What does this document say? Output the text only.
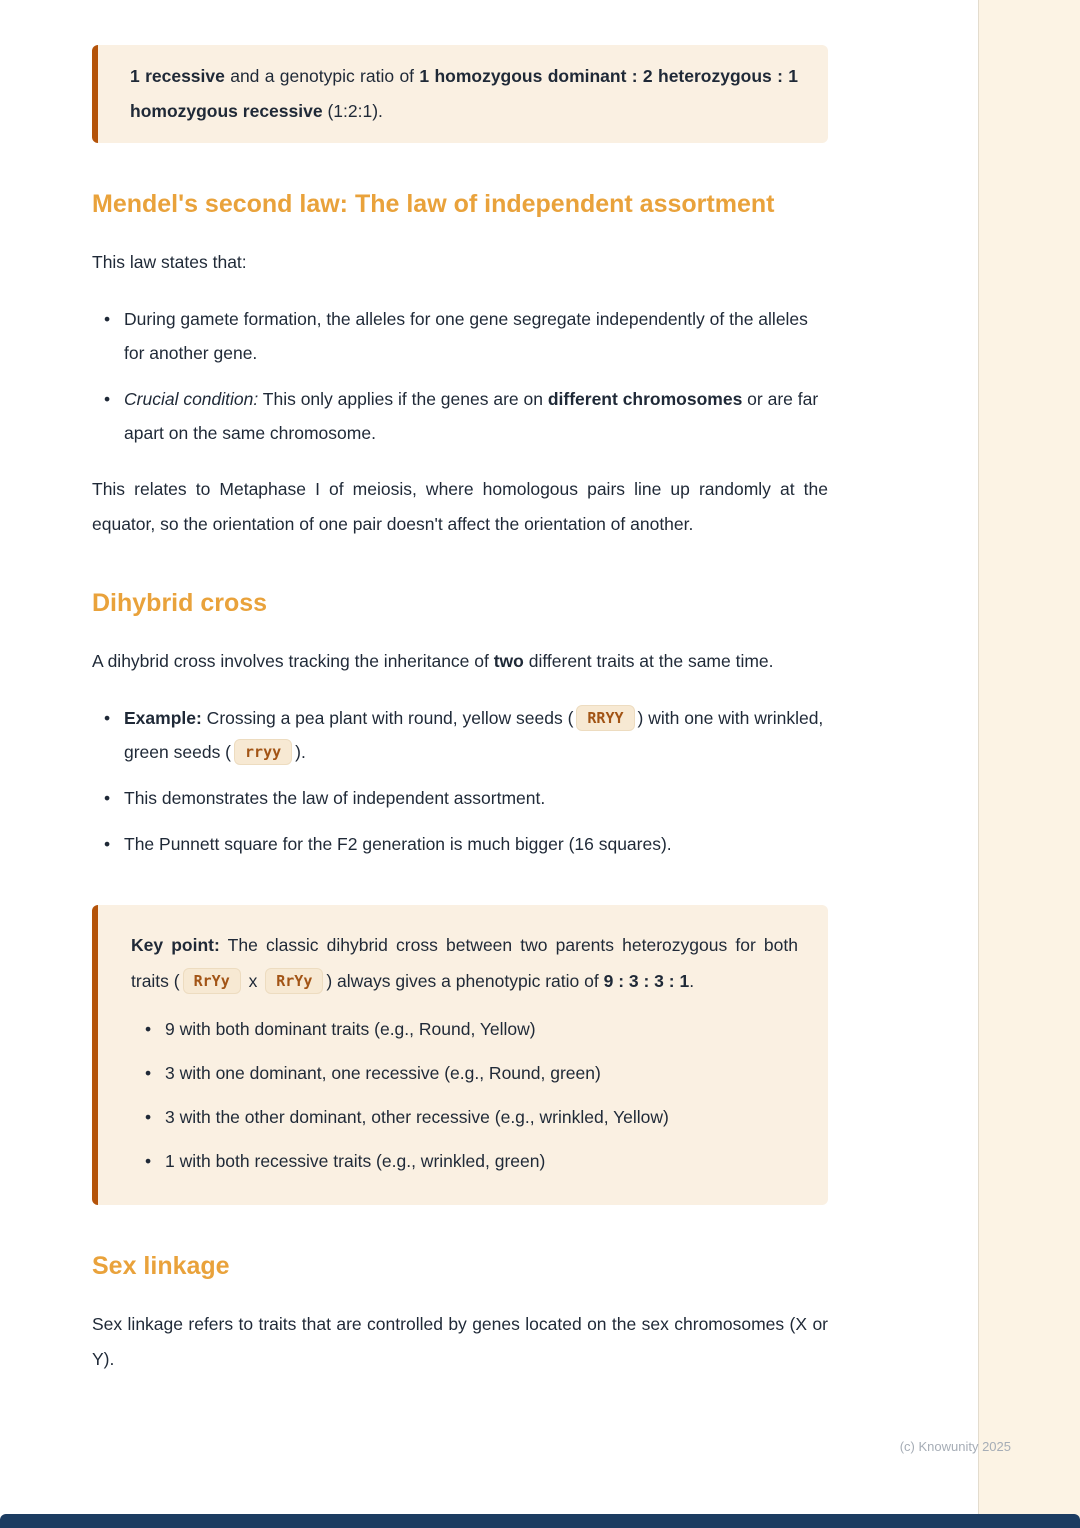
1 recessive and a genotypic ratio of 1 homozygous dominant : 2 heterozygous : 1 homozygous recessive (1:2:1).

Mendel's second law: The law of independent assortment

This law states that:

• During gamete formation, the alleles for one gene segregate independently of the alleles for another gene.
• Crucial condition: This only applies if the genes are on different chromosomes or are far apart on the same chromosome.

This relates to Metaphase I of meiosis, where homologous pairs line up randomly at the equator, so the orientation of one pair doesn't affect the orientation of another.

Dihybrid cross

A dihybrid cross involves tracking the inheritance of two different traits at the same time.

• Example: Crossing a pea plant with round, yellow seeds ( RRYY ) with one with wrinkled, green seeds ( rryy ).
• This demonstrates the law of independent assortment.
• The Punnett square for the F2 generation is much bigger (16 squares).

Key point: The classic dihybrid cross between two parents heterozygous for both traits ( RrYy x RrYy ) always gives a phenotypic ratio of 9 : 3 : 3 : 1.

• 9 with both dominant traits (e.g., Round, Yellow)
• 3 with one dominant, one recessive (e.g., Round, green)
• 3 with the other dominant, other recessive (e.g., wrinkled, Yellow)
• 1 with both recessive traits (e.g., wrinkled, green)
Sex linkage

Sex linkage refers to traits that are controlled by genes located on the sex chromosomes (X or Y).

(c) Knowunity 2025
